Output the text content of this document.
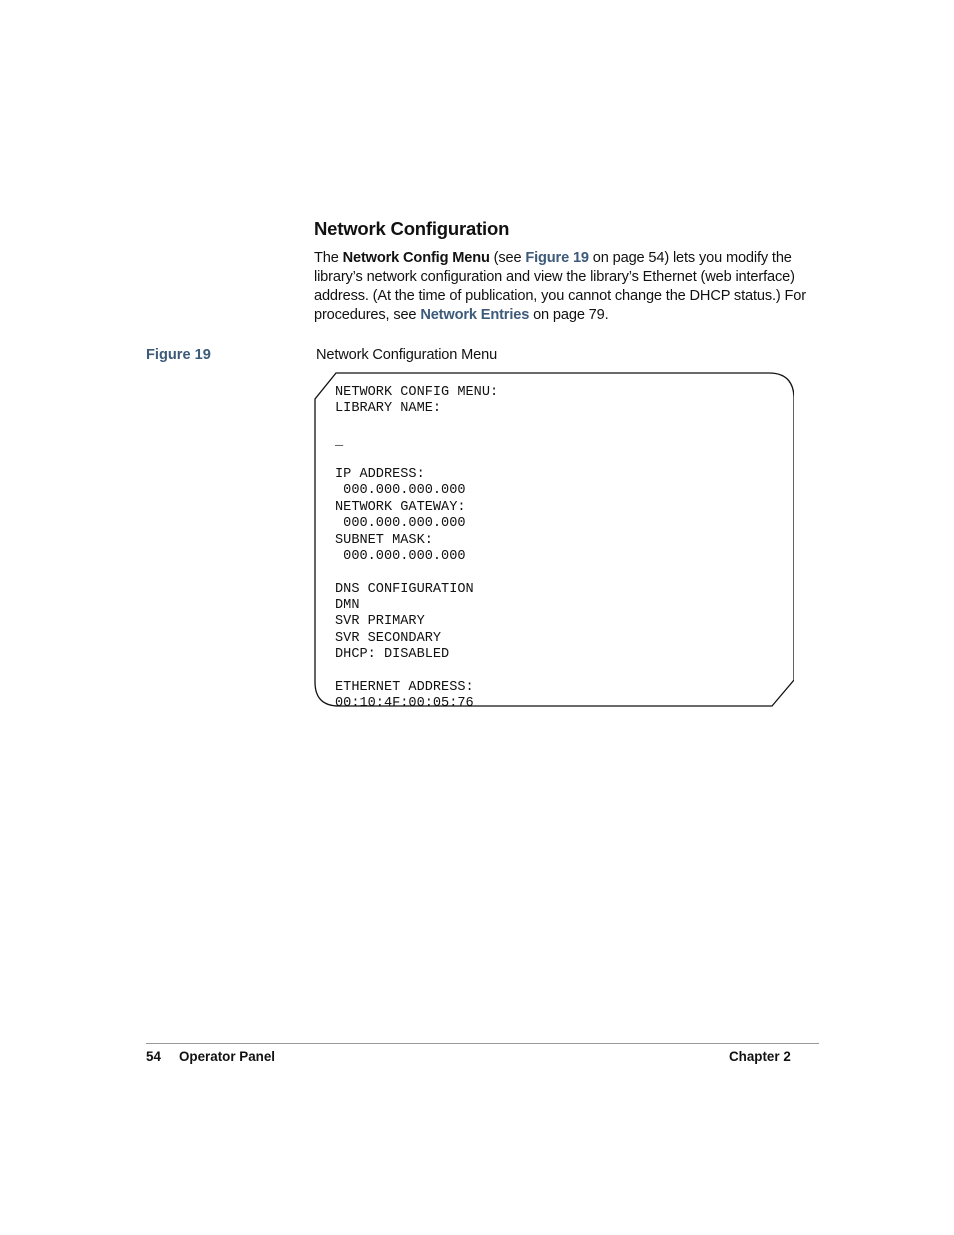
Network Configuration

The Network Config Menu (see Figure 19 on page 54) lets you modify the library’s network configuration and view the library’s Ethernet (web interface) address. (At the time of publication, you cannot change the DHCP status.) For procedures, see Network Entries on page 79.

Figure 19	Network Configuration Menu
NETWORK CONFIG MENU:
LIBRARY NAME:
_
IP ADDRESS:
000.000.000.000
NETWORK GATEWAY:
000.000.000.000
SUBNET MASK:
000.000.000.000
DNS CONFIGURATION
DMN
SVR PRIMARY
SVR SECONDARY
DHCP: DISABLED
ETHERNET ADDRESS:
00:10:4F:00:05:76
54 Operator Panel	Chapter 2
